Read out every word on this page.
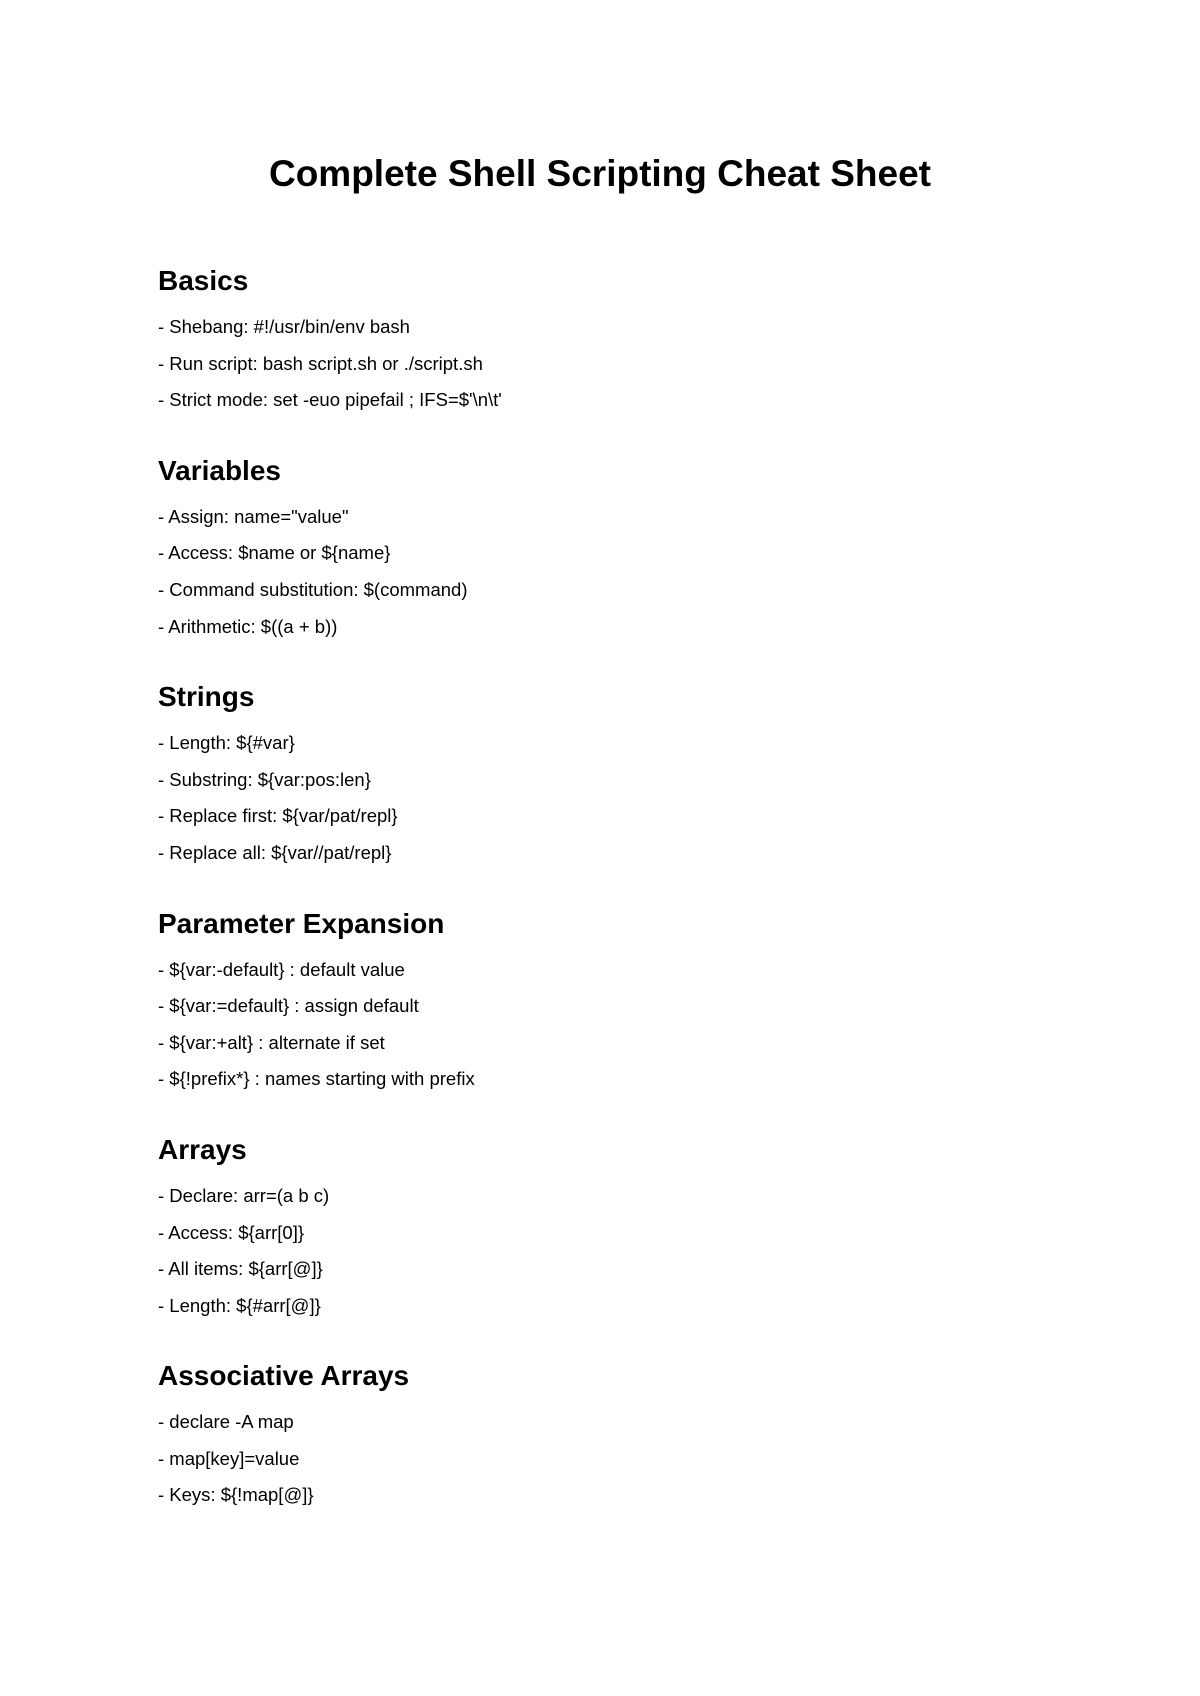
Complete Shell Scripting Cheat Sheet
Basics
- Shebang: #!/usr/bin/env bash
- Run script: bash script.sh or ./script.sh
- Strict mode: set -euo pipefail ; IFS=$'\n\t'
Variables
- Assign: name="value"
- Access: $name or ${name}
- Command substitution: $(command)
- Arithmetic: $((a + b))
Strings
- Length: ${#var}
- Substring: ${var:pos:len}
- Replace first: ${var/pat/repl}
- Replace all: ${var//pat/repl}
Parameter Expansion
- ${var:-default} : default value
- ${var:=default} : assign default
- ${var:+alt} : alternate if set
- ${!prefix*} : names starting with prefix
Arrays
- Declare: arr=(a b c)
- Access: ${arr[0]}
- All items: ${arr[@]}
- Length: ${#arr[@]}
Associative Arrays
- declare -A map
- map[key]=value
- Keys: ${!map[@]}
